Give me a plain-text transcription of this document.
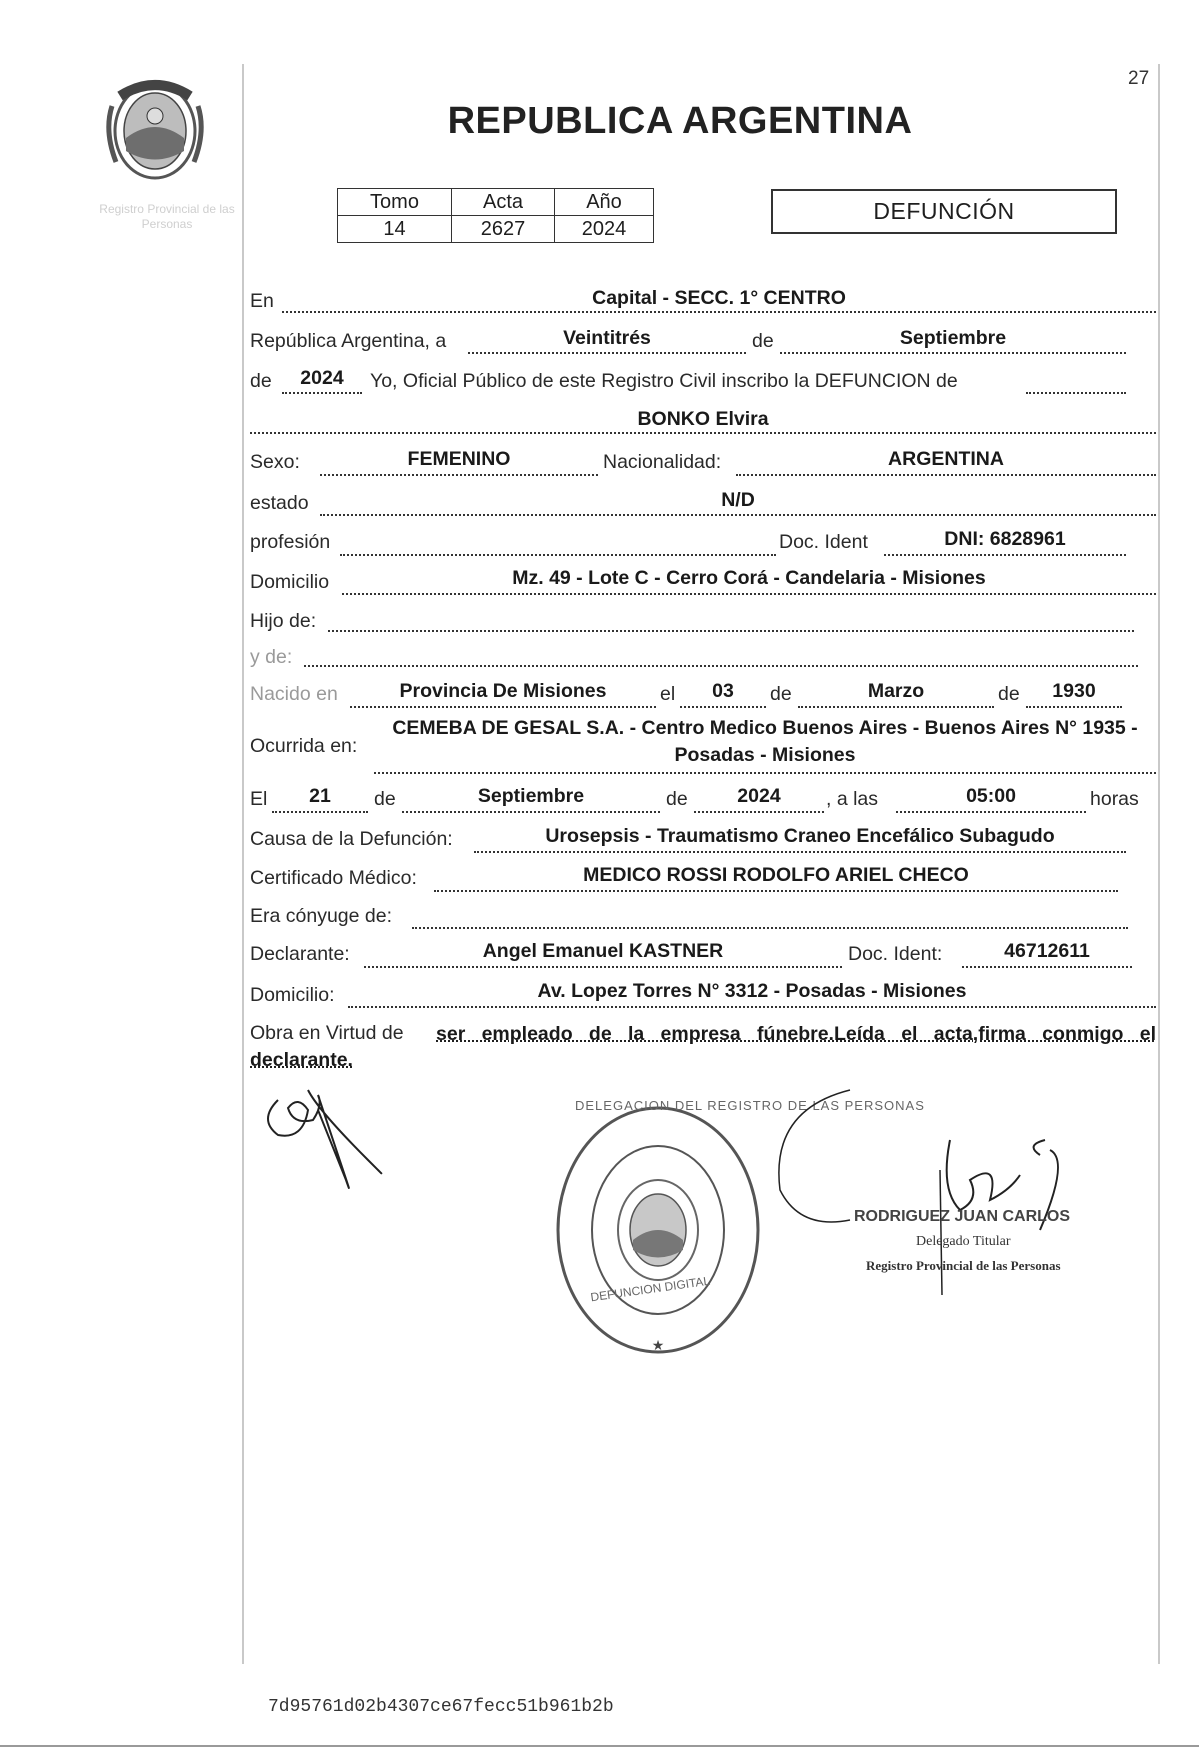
27
Registro Provincial de las Personas
REPUBLICA ARGENTINA
Tomo	Acta	Año
14	2627	2024
DEFUNCIÓN
En	Capital - SECC. 1° CENTRO
República Argentina, a	Veintitrés	de	Septiembre
de	2024	Yo, Oficial Público de este Registro Civil inscribo la DEFUNCION de
BONKO Elvira
Sexo:	FEMENINO	Nacionalidad:	ARGENTINA
estado	N/D
profesión	Doc. Ident	DNI: 6828961
Domicilio	Mz. 49 - Lote C - Cerro Corá - Candelaria - Misiones
Hijo de:
y de:
Nacido en	Provincia De Misiones	el	03	de	Marzo	de	1930
Ocurrida en:
CEMEBA DE GESAL S.A. - Centro Medico Buenos Aires - Buenos Aires N° 1935 - Posadas - Misiones
El	21	de	Septiembre	de	2024	, a las	05:00	horas
Causa de la Defunción:	Urosepsis - Traumatismo Craneo Encefálico Subagudo
Certificado Médico:	MEDICO ROSSI RODOLFO ARIEL CHECO
Era cónyuge de:
Declarante:	Angel Emanuel KASTNER	Doc. Ident:	46712611
Domicilio:	Av. Lopez Torres N° 3312 - Posadas - Misiones
Obra en Virtud de	ser empleado de la empresa fúnebre.Leída el acta,firma conmigo el declarante.
★
DEFUNCION DIGITAL
DELEGACION DEL REGISTRO DE LAS PERSONAS
RODRIGUEZ JUAN CARLOS
Delegado Titular
Registro Provincial de las Personas
7d95761d02b4307ce67fecc51b961b2b
